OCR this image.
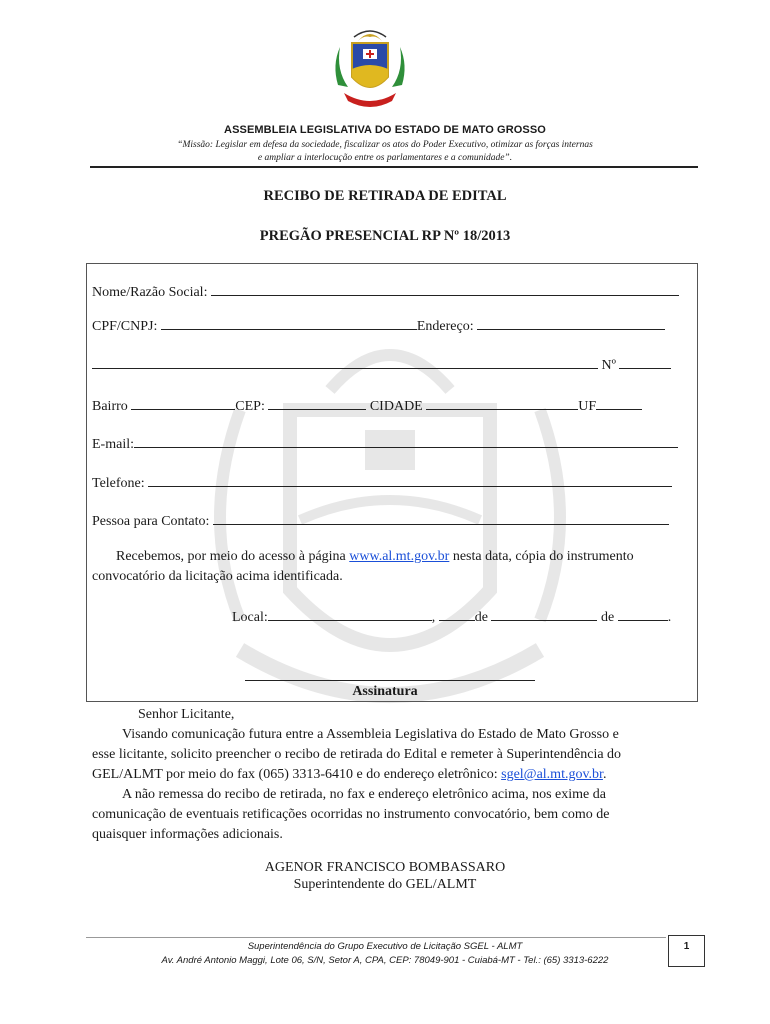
ASSEMBLEIA LEGISLATIVA DO ESTADO DE MATO GROSSO
“Missão: Legislar em defesa da sociedade, fiscalizar os atos do Poder Executivo, otimizar as forças internas
e ampliar a interlocução entre os parlamentares e a comunidade”.
RECIBO DE RETIRADA DE EDITAL
PREGÃO PRESENCIAL RP Nº 18/2013
Nome/Razão Social:
CPF/CNPJ:	Endereço:
Nº
Bairro	CEP:	CIDADE	UF
E-mail:
Telefone:
Pessoa para Contato:
Recebemos, por meio do acesso à página www.al.mt.gov.br nesta data, cópia do instrumento
convocatório da licitação acima identificada.
Local:	,	de	de	.
Assinatura
Senhor Licitante,
Visando comunicação futura entre a Assembleia Legislativa do Estado de Mato Grosso e
esse licitante, solicito preencher o recibo de retirada do Edital e remeter à Superintendência do
GEL/ALMT por meio do fax (065) 3313-6410 e do endereço eletrônico: sgel@al.mt.gov.br.
A não remessa do recibo de retirada, no fax e endereço eletrônico acima, nos exime da
comunicação de eventuais retificações ocorridas no instrumento convocatório, bem como de
quaisquer informações adicionais.
AGENOR FRANCISCO BOMBASSARO
Superintendente do GEL/ALMT
Superintendência do Grupo Executivo de Licitação SGEL - ALMT
Av. André Antonio Maggi, Lote 06, S/N, Setor A, CPA, CEP: 78049-901 - Cuiabá-MT - Tel.: (65) 3313-6222
1
